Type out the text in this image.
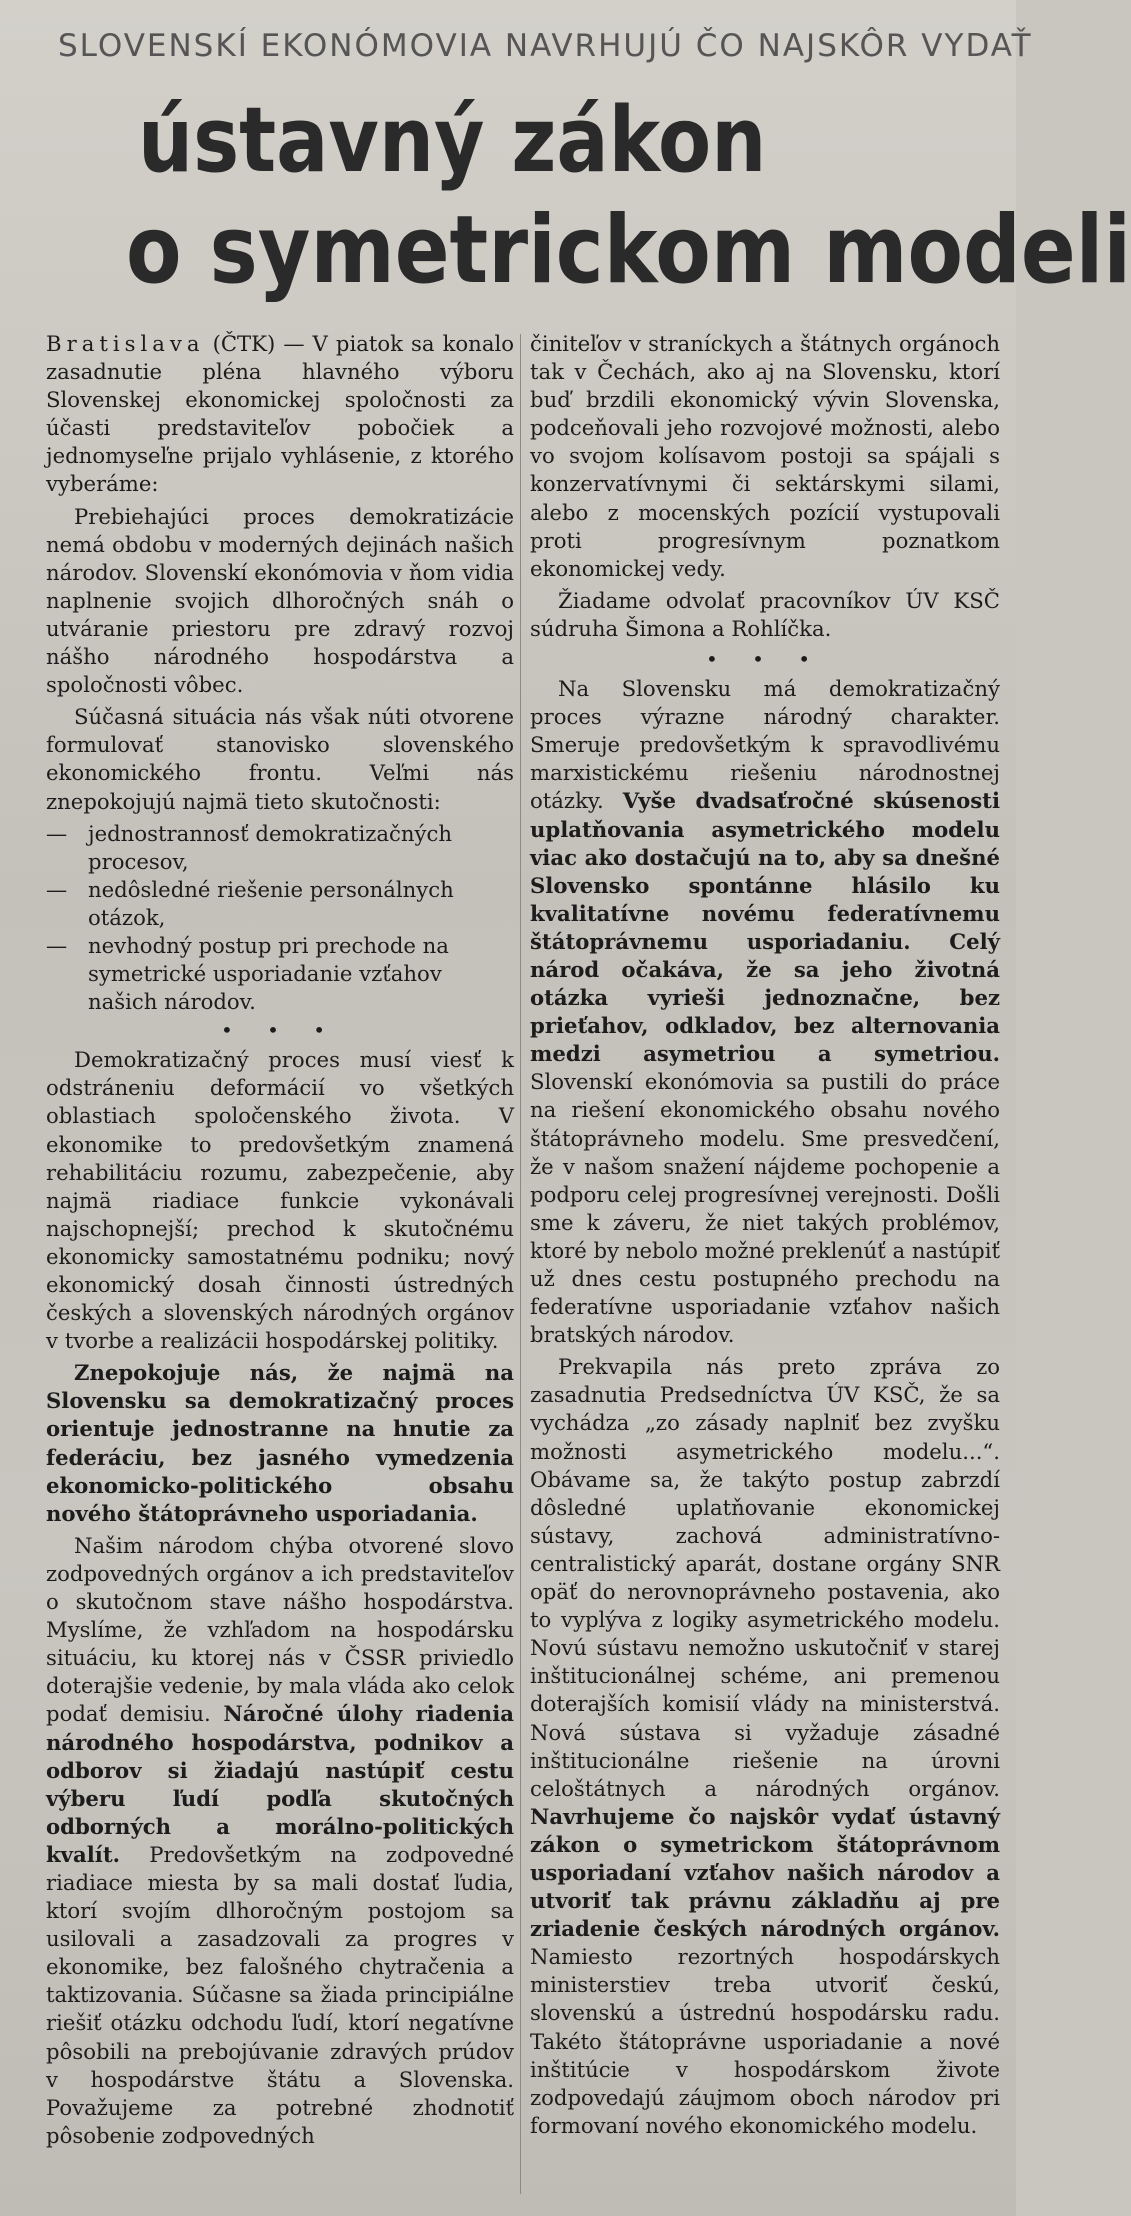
SLOVENSKÍ EKONÓMOVIA NAVRHUJÚ ČO NAJSKÔR VYDAŤ
ústavný zákon
o symetrickom modeli

Bratislava (ČTK) — V piatok sa konalo zasadnutie pléna hlavného výboru Slovenskej ekonomickej spoločnosti za účasti predstaviteľov pobočiek a jednomyseľne prijalo vyhlásenie, z ktorého vyberáme:

Prebiehajúci proces demokratizácie nemá obdobu v moderných dejinách našich národov. Slovenskí ekonómovia v ňom vidia naplnenie svojich dlhoročných snáh o utváranie priestoru pre zdravý rozvoj nášho národného hospodárstva a spoločnosti vôbec.

Súčasná situácia nás však núti otvorene formulovať stanovisko slovenského ekonomického frontu. Veľmi nás znepokojujú najmä tieto skutočnosti:

— jednostrannosť demokratizačných procesov,
— nedôsledné riešenie personálnych otázok,
— nevhodný postup pri prechode na symetrické usporiadanie vzťahov našich národov.
• • •

Demokratizačný proces musí viesť k odstráneniu deformácií vo všetkých oblastiach spoločenského života. V ekonomike to predovšetkým znamená rehabilitáciu rozumu, zabezpečenie, aby najmä riadiace funkcie vykonávali najschopnejší; prechod k skutočnému ekonomicky samostatnému podniku; nový ekonomický dosah činnosti ústredných českých a slovenských národných orgánov v tvorbe a realizácii hospodárskej politiky.

Znepokojuje nás, že najmä na Slovensku sa demokratizačný proces orientuje jednostranne na hnutie za federáciu, bez jasného vymedzenia ekonomicko-politického obsahu nového štátoprávneho usporiadania.

Našim národom chýba otvorené slovo zodpovedných orgánov a ich predstaviteľov o skutočnom stave nášho hospodárstva. Myslíme, že vzhľadom na hospodársku situáciu, ku ktorej nás v ČSSR priviedlo doterajšie vedenie, by mala vláda ako celok podať demisiu. Náročné úlohy riadenia národného hospodárstva, podnikov a odborov si žiadajú nastúpiť cestu výberu ľudí podľa skutočných odborných a morálno-politických kvalít. Predovšetkým na zodpovedné riadiace miesta by sa mali dostať ľudia, ktorí svojím dlhoročným postojom sa usilovali a zasadzovali za progres v ekonomike, bez falošného chytračenia a taktizovania. Súčasne sa žiada principiálne riešiť otázku odchodu ľudí, ktorí negatívne pôsobili na prebojúvanie zdravých prúdov v hospodárstve štátu a Slovenska. Považujeme za potrebné zhodnotiť pôsobenie zodpovedných

činiteľov v straníckych a štátnych orgánoch tak v Čechách, ako aj na Slovensku, ktorí buď brzdili ekonomický vývin Slovenska, podceňovali jeho rozvojové možnosti, alebo vo svojom kolísavom postoji sa spájali s konzervatívnymi či sektárskymi silami, alebo z mocenských pozícií vystupovali proti progresívnym poznatkom ekonomickej vedy.

Žiadame odvolať pracovníkov ÚV KSČ súdruha Šimona a Rohlíčka.

• • •

Na Slovensku má demokratizačný proces výrazne národný charakter. Smeruje predovšetkým k spravodlivému marxistickému riešeniu národnostnej otázky. Vyše dvadsaťročné skúsenosti uplatňovania asymetrického modelu viac ako dostačujú na to, aby sa dnešné Slovensko spontánne hlásilo ku kvalitatívne novému federatívnemu štátoprávnemu usporiadaniu. Celý národ očakáva, že sa jeho životná otázka vyrieši jednoznačne, bez prieťahov, odkladov, bez alternovania medzi asymetriou a symetriou. Slovenskí ekonómovia sa pustili do práce na riešení ekonomického obsahu nového štátoprávneho modelu. Sme presvedčení, že v našom snažení nájdeme pochopenie a podporu celej progresívnej verejnosti. Došli sme k záveru, že niet takých problémov, ktoré by nebolo možné preklenúť a nastúpiť už dnes cestu postupného prechodu na federatívne usporiadanie vzťahov našich bratských národov.

Prekvapila nás preto zpráva zo zasadnutia Predsedníctva ÚV KSČ, že sa vychádza „zo zásady naplniť bez zvyšku možnosti asymetrického modelu...“. Obávame sa, že takýto postup zabrzdí dôsledné uplatňovanie ekonomickej sústavy, zachová administratívno-centralistický aparát, dostane orgány SNR opäť do nerovnoprávneho postavenia, ako to vyplýva z logiky asymetrického modelu. Novú sústavu nemožno uskutočniť v starej inštitucionálnej schéme, ani premenou doterajších komisií vlády na ministerstvá. Nová sústava si vyžaduje zásadné inštitucionálne riešenie na úrovni celoštátnych a národných orgánov. Navrhujeme čo najskôr vydať ústavný zákon o symetrickom štátoprávnom usporiadaní vzťahov našich národov a utvoriť tak právnu základňu aj pre zriadenie českých národných orgánov. Namiesto rezortných hospodárskych ministerstiev treba utvoriť českú, slovenskú a ústrednú hospodársku radu. Takéto štátoprávne usporiadanie a nové inštitúcie v hospodárskom živote zodpovedajú záujmom oboch národov pri formovaní nového ekonomického modelu.
